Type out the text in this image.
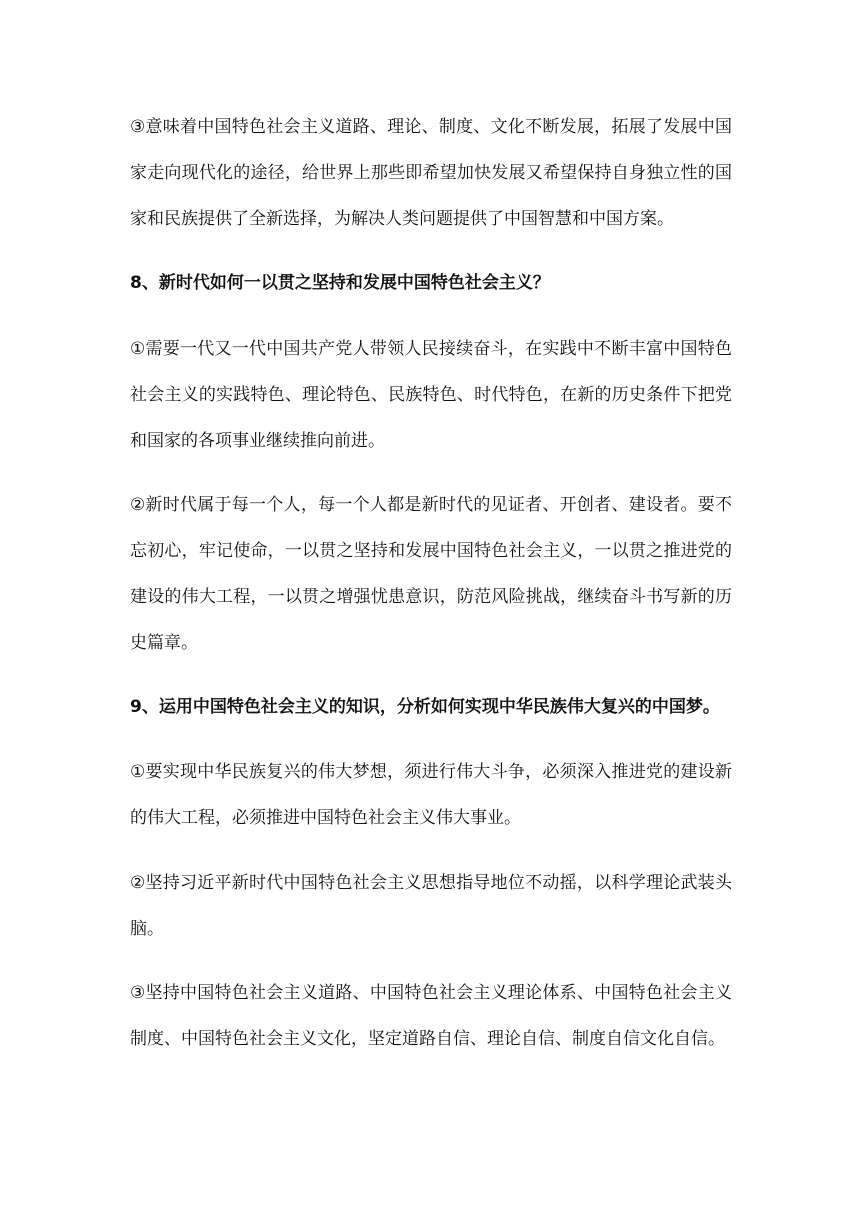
③意味着中国特色社会主义道路、理论、制度、文化不断发展，拓展了发展中国家走向现代化的途径，给世界上那些即希望加快发展又希望保持自身独立性的国家和民族提供了全新选择，为解决人类问题提供了中国智慧和中国方案。

8、新时代如何一以贯之坚持和发展中国特色社会主义？

①需要一代又一代中国共产党人带领人民接续奋斗，在实践中不断丰富中国特色社会主义的实践特色、理论特色、民族特色、时代特色，在新的历史条件下把党和国家的各项事业继续推向前进。

②新时代属于每一个人，每一个人都是新时代的见证者、开创者、建设者。要不忘初心，牢记使命，一以贯之坚持和发展中国特色社会主义，一以贯之推进党的建设的伟大工程，一以贯之增强忧患意识，防范风险挑战，继续奋斗书写新的历史篇章。

9、运用中国特色社会主义的知识，分析如何实现中华民族伟大复兴的中国梦。

①要实现中华民族复兴的伟大梦想，须进行伟大斗争，必须深入推进党的建设新的伟大工程，必须推进中国特色社会主义伟大事业。

②坚持习近平新时代中国特色社会主义思想指导地位不动摇，以科学理论武装头脑。

③坚持中国特色社会主义道路、中国特色社会主义理论体系、中国特色社会主义制度、中国特色社会主义文化，坚定道路自信、理论自信、制度自信文化自信。
